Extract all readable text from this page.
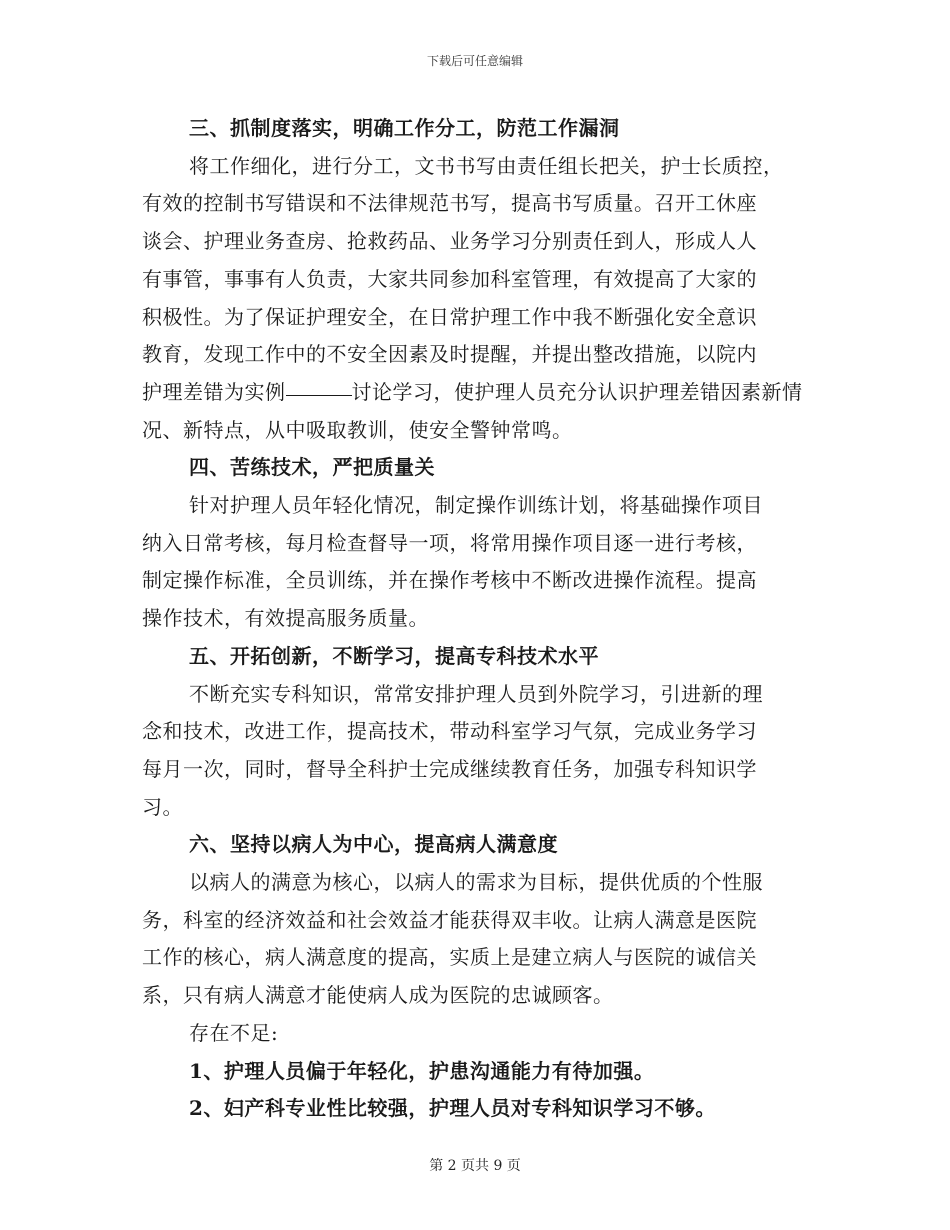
下载后可任意编辑
三、抓制度落实，明确工作分工，防范工作漏洞
将工作细化，进行分工，文书书写由责任组长把关，护士长质控，
有效的控制书写错误和不法律规范书写，提高书写质量。召开工休座
谈会、护理业务查房、抢救药品、业务学习分别责任到人，形成人人
有事管，事事有人负责，大家共同参加科室管理，有效提高了大家的
积极性。为了保证护理安全，在日常护理工作中我不断强化安全意识
教育，发现工作中的不安全因素及时提醒，并提出整改措施，以院内
护理差错为实例	讨论学习，使护理人员充分认识护理差错因素新情
况、新特点，从中吸取教训，使安全警钟常鸣。
四、苦练技术，严把质量关
针对护理人员年轻化情况，制定操作训练计划，将基础操作项目
纳入日常考核，每月检查督导一项，将常用操作项目逐一进行考核，
制定操作标准，全员训练，并在操作考核中不断改进操作流程。提高
操作技术，有效提高服务质量。
五、开拓创新，不断学习，提高专科技术水平
不断充实专科知识，常常安排护理人员到外院学习，引进新的理
念和技术，改进工作，提高技术，带动科室学习气氛，完成业务学习
每月一次，同时，督导全科护士完成继续教育任务，加强专科知识学
习。
六、坚持以病人为中心，提高病人满意度
以病人的满意为核心，以病人的需求为目标，提供优质的个性服
务，科室的经济效益和社会效益才能获得双丰收。让病人满意是医院
工作的核心，病人满意度的提高，实质上是建立病人与医院的诚信关
系，只有病人满意才能使病人成为医院的忠诚顾客。
存在不足:
1、护理人员偏于年轻化，护患沟通能力有待加强。
2、妇产科专业性比较强，护理人员对专科知识学习不够。
第 2 页共 9 页
